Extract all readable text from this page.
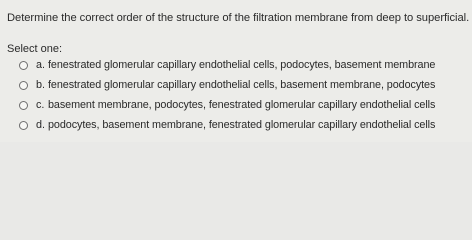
Determine the correct order of the structure of the filtration membrane from deep to superficial.
Select one:
a. fenestrated glomerular capillary endothelial cells, podocytes, basement membrane
b. fenestrated glomerular capillary endothelial cells, basement membrane, podocytes
c. basement membrane, podocytes, fenestrated glomerular capillary endothelial cells
d. podocytes, basement membrane, fenestrated glomerular capillary endothelial cells
